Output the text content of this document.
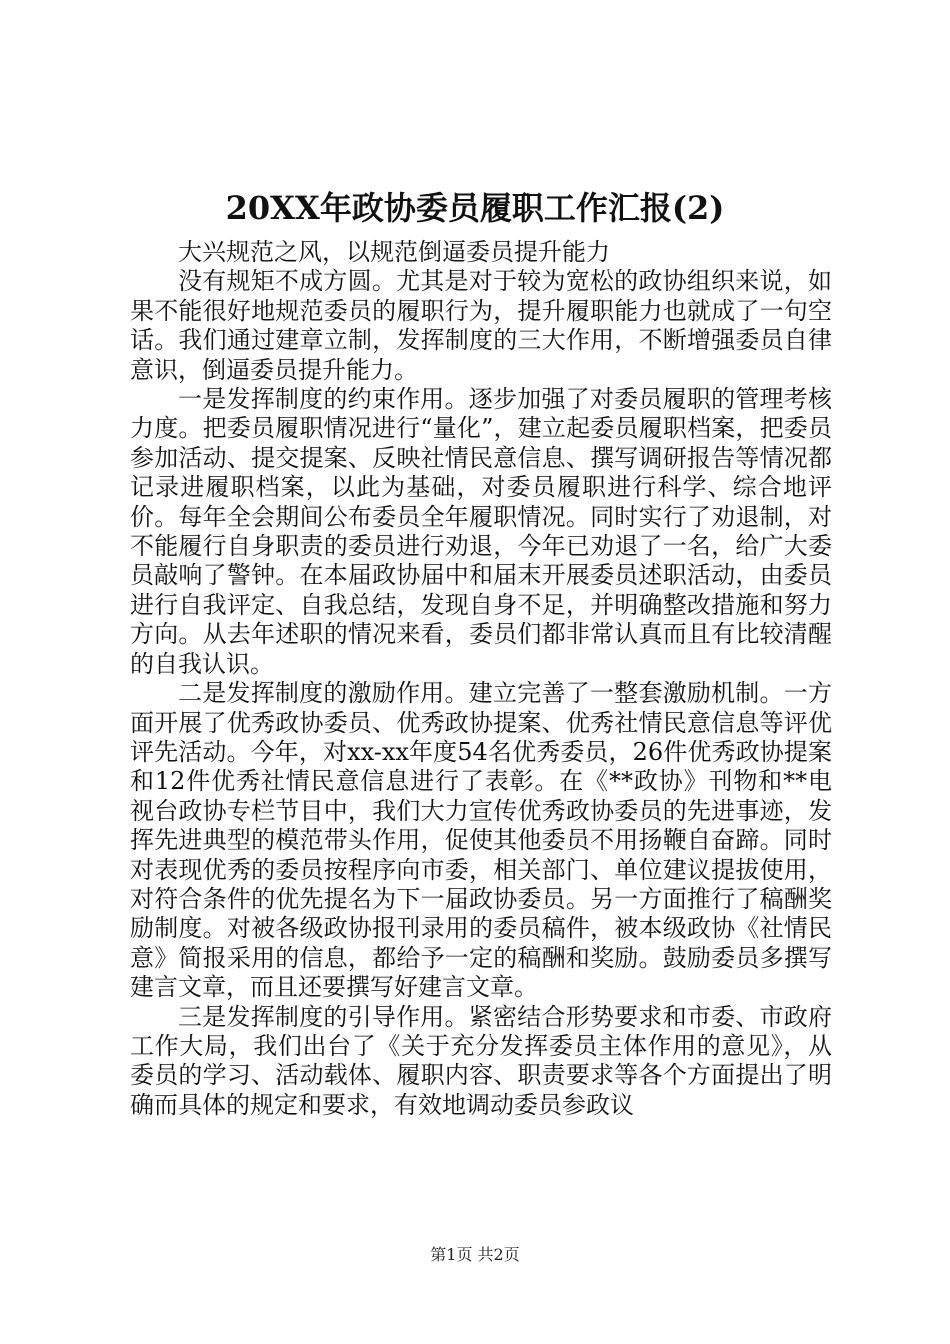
20XX年政协委员履职工作汇报(2)

大兴规范之风，以规范倒逼委员提升能力

没有规矩不成方圆。尤其是对于较为宽松的政协组织来说，如果不能很好地规范委员的履职行为，提升履职能力也就成了一句空话。我们通过建章立制，发挥制度的三大作用，不断增强委员自律意识，倒逼委员提升能力。

一是发挥制度的约束作用。逐步加强了对委员履职的管理考核力度。把委员履职情况进行“量化”，建立起委员履职档案，把委员参加活动、提交提案、反映社情民意信息、撰写调研报告等情况都记录进履职档案，以此为基础，对委员履职进行科学、综合地评价。每年全会期间公布委员全年履职情况。同时实行了劝退制，对不能履行自身职责的委员进行劝退，今年已劝退了一名，给广大委员敲响了警钟。在本届政协届中和届末开展委员述职活动，由委员进行自我评定、自我总结，发现自身不足，并明确整改措施和努力方向。从去年述职的情况来看，委员们都非常认真而且有比较清醒的自我认识。

二是发挥制度的激励作用。建立完善了一整套激励机制。一方面开展了优秀政协委员、优秀政协提案、优秀社情民意信息等评优评先活动。今年，对xx-xx年度54名优秀委员，26件优秀政协提案和12件优秀社情民意信息进行了表彰。在《**政协》刊物和**电视台政协专栏节目中，我们大力宣传优秀政协委员的先进事迹，发挥先进典型的模范带头作用，促使其他委员不用扬鞭自奋蹄。同时对表现优秀的委员按程序向市委，相关部门、单位建议提拔使用，对符合条件的优先提名为下一届政协委员。另一方面推行了稿酬奖励制度。对被各级政协报刊录用的委员稿件，被本级政协《社情民意》简报采用的信息，都给予一定的稿酬和奖励。鼓励委员多撰写建言文章，而且还要撰写好建言文章。

三是发挥制度的引导作用。紧密结合形势要求和市委、市政府工作大局，我们出台了《关于充分发挥委员主体作用的意见》，从委员的学习、活动载体、履职内容、职责要求等各个方面提出了明确而具体的规定和要求，有效地调动委员参政议

第1页 共2页
